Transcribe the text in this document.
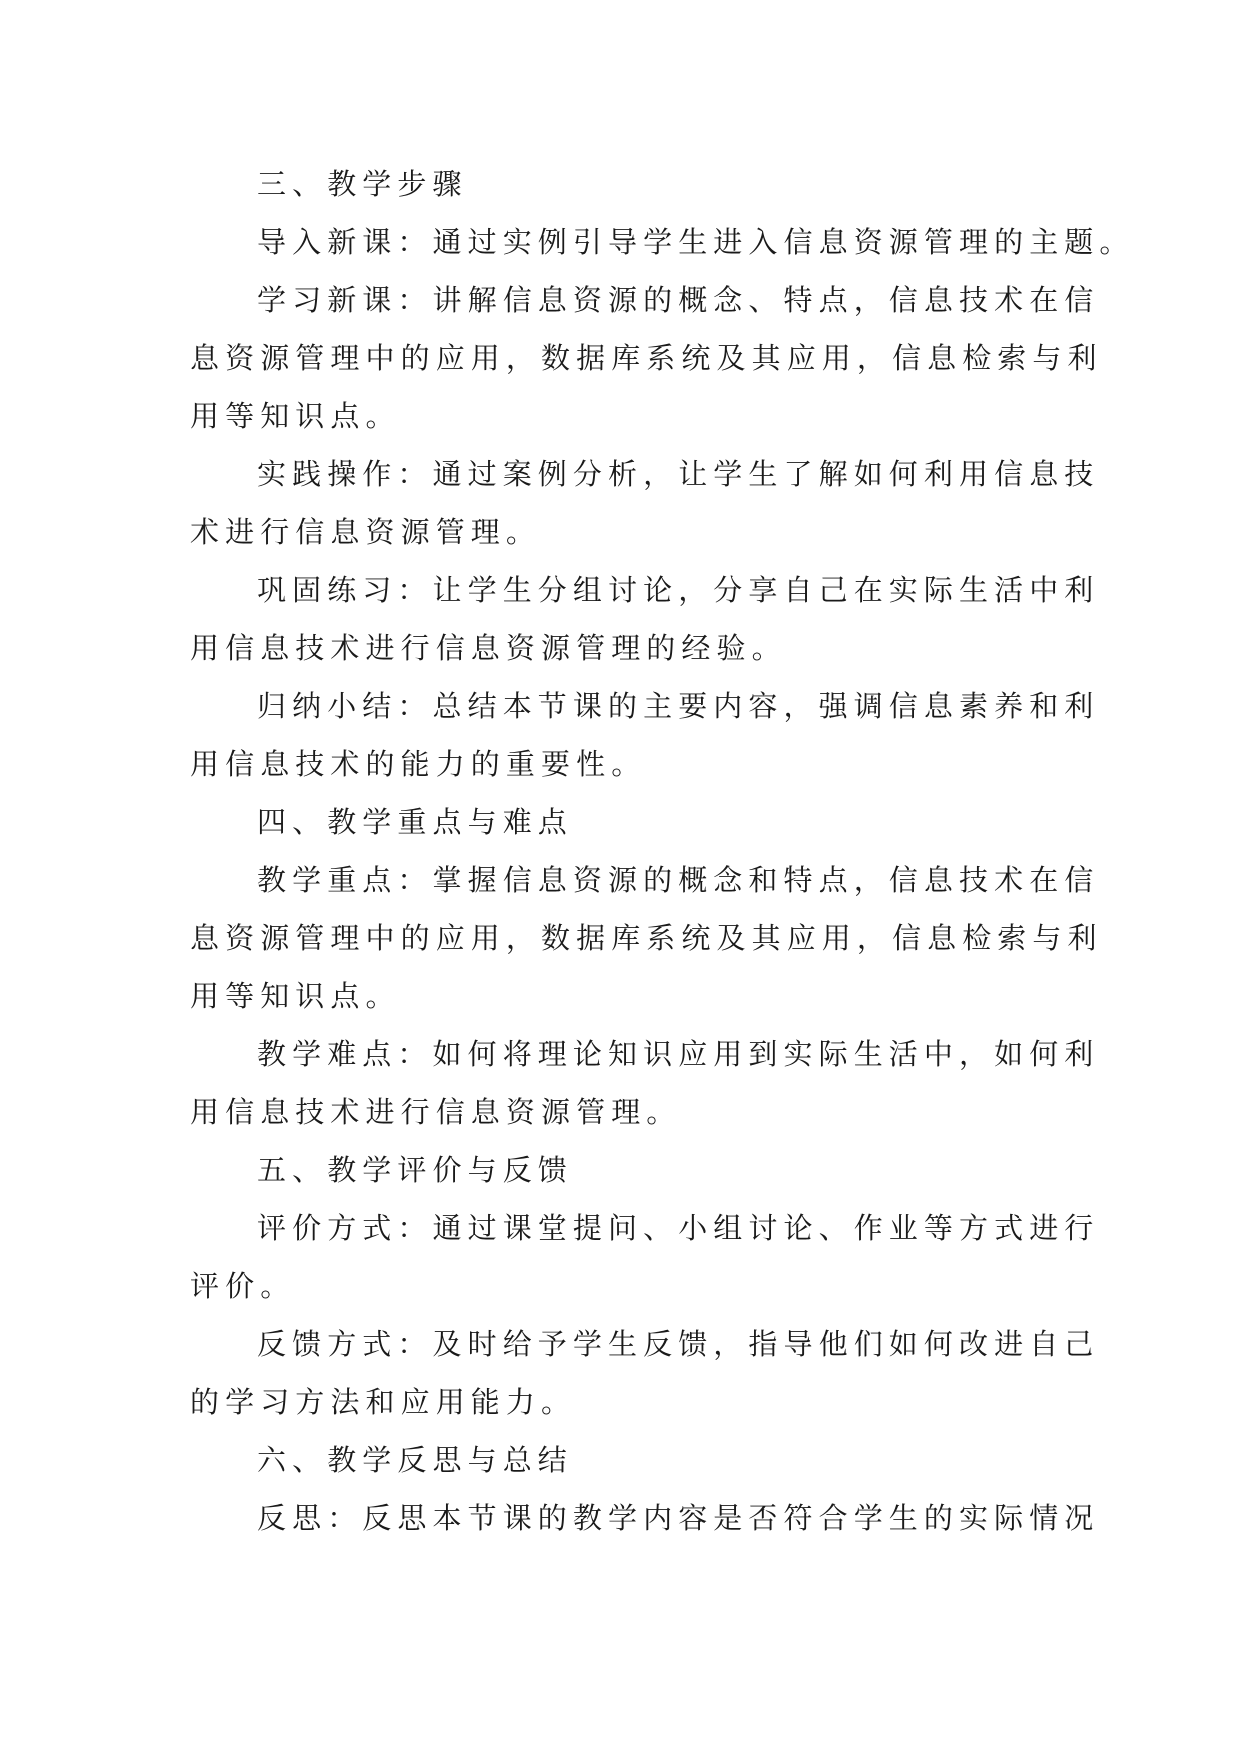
三、教学步骤
导入新课：通过实例引导学生进入信息资源管理的主题。
学习新课：讲解信息资源的概念、特点，信息技术在信
息资源管理中的应用，数据库系统及其应用，信息检索与利
用等知识点。
实践操作：通过案例分析，让学生了解如何利用信息技
术进行信息资源管理。
巩固练习：让学生分组讨论，分享自己在实际生活中利
用信息技术进行信息资源管理的经验。
归纳小结：总结本节课的主要内容，强调信息素养和利
用信息技术的能力的重要性。
四、教学重点与难点
教学重点：掌握信息资源的概念和特点，信息技术在信
息资源管理中的应用，数据库系统及其应用，信息检索与利
用等知识点。
教学难点：如何将理论知识应用到实际生活中，如何利
用信息技术进行信息资源管理。
五、教学评价与反馈
评价方式：通过课堂提问、小组讨论、作业等方式进行
评价。
反馈方式：及时给予学生反馈，指导他们如何改进自己
的学习方法和应用能力。
六、教学反思与总结
反思：反思本节课的教学内容是否符合学生的实际情况
